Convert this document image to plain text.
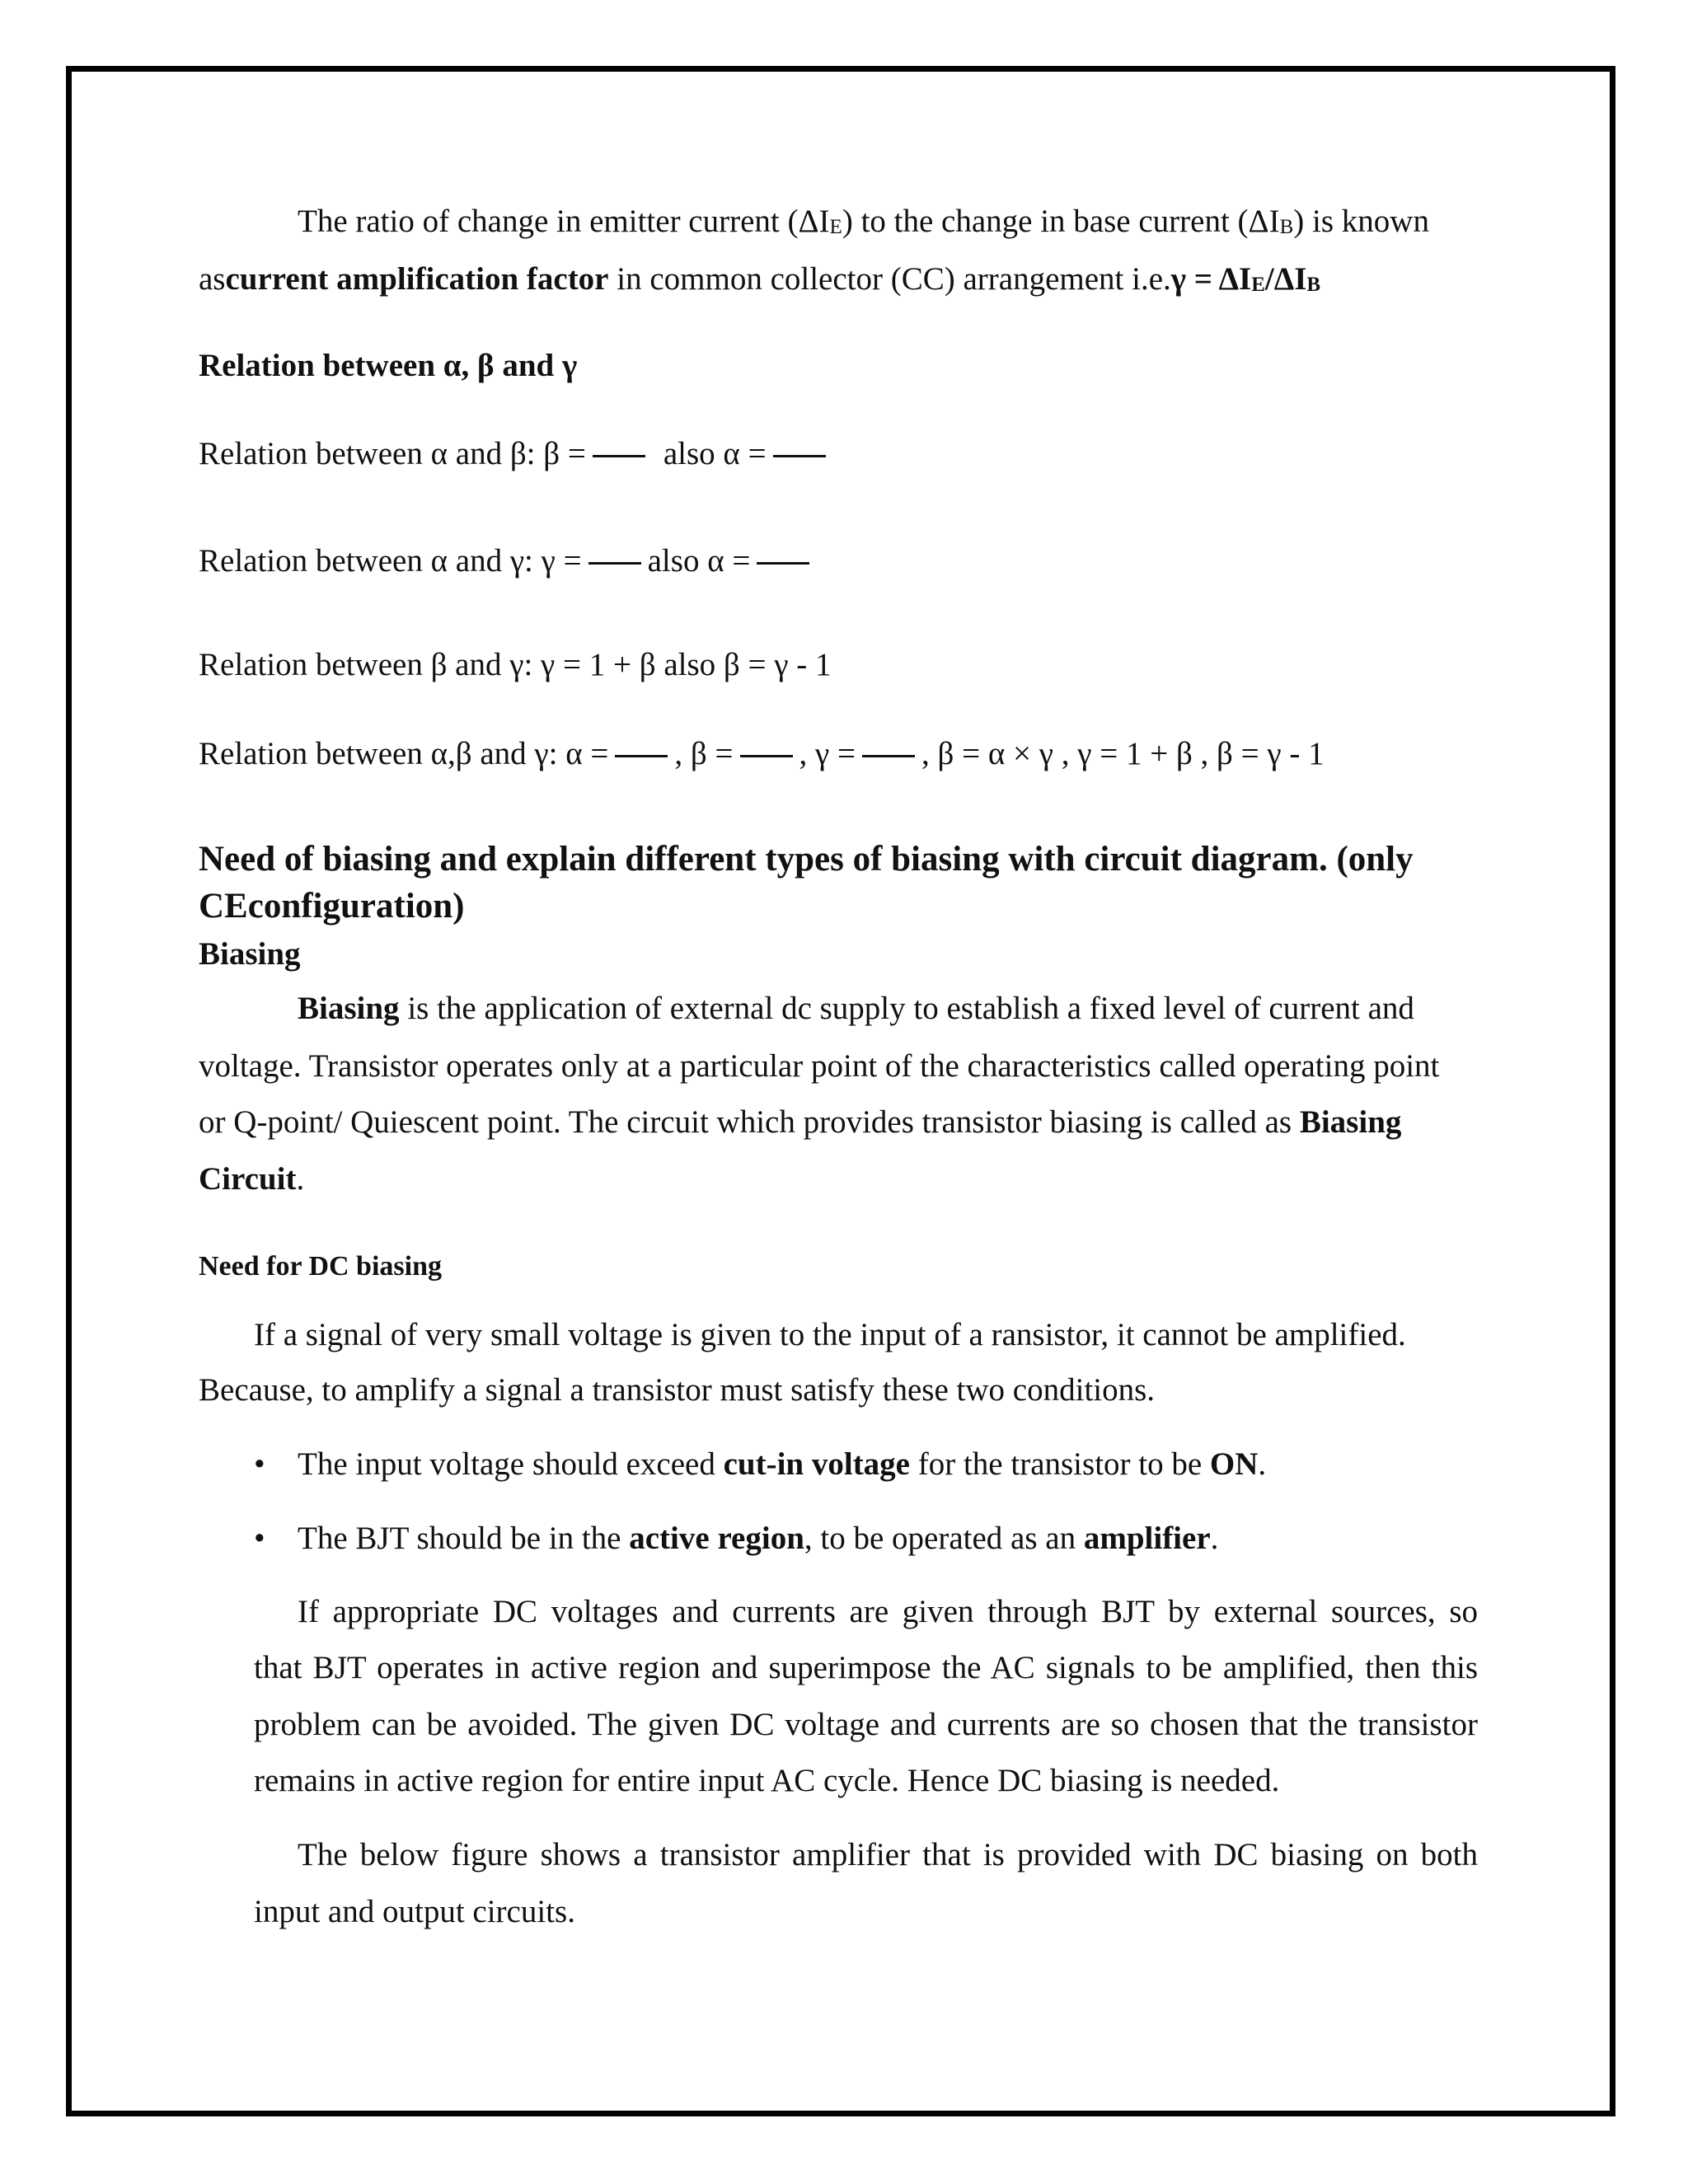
The ratio of change in emitter current (ΔIE) to the change in base current (ΔIB) is known
ascurrent amplification factor in common collector (CC) arrangement i.e.γ = ΔIE/ΔIB
Relation between α, β and γ
Relation between α and β: β = also α =
Relation between α and γ: γ = also α =
Relation between β and γ: γ = 1 + β also β = γ - 1
Relation between α,β and γ: α = , β = , γ = , β = α × γ , γ = 1 + β , β = γ - 1
Need of biasing and explain different types of biasing with circuit diagram. (only
CEconfiguration)
Biasing
Biasing is the application of external dc supply to establish a fixed level of current and
voltage. Transistor operates only at a particular point of the characteristics called operating point
or Q-point/ Quiescent point. The circuit which provides transistor biasing is called as Biasing
Circuit.
Need for DC biasing
If a signal of very small voltage is given to the input of a ransistor, it cannot be amplified.
Because, to amplify a signal a transistor must satisfy these two conditions.
• The input voltage should exceed cut-in voltage for the transistor to be ON.
• The BJT should be in the active region, to be operated as an amplifier.
If appropriate DC voltages and currents are given through BJT by external sources, so
that BJT operates in active region and superimpose the AC signals to be amplified, then this
problem can be avoided. The given DC voltage and currents are so chosen that the transistor
remains in active region for entire input AC cycle. Hence DC biasing is needed.
The below figure shows a transistor amplifier that is provided with DC biasing on both
input and output circuits.
